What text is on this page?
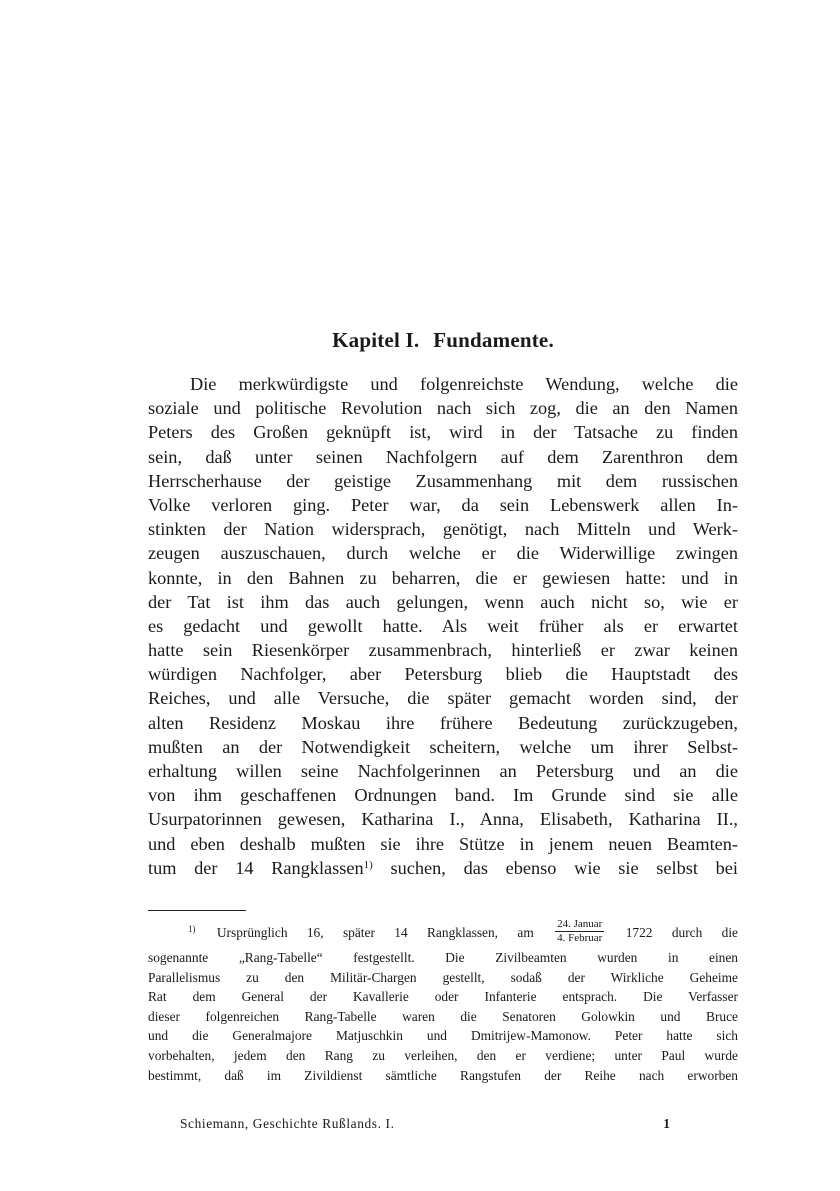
Kapitel I. Fundamente.
Die merkwürdigste und folgenreichste Wendung, welche die
soziale und politische Revolution nach sich zog, die an den Namen
Peters des Großen geknüpft ist, wird in der Tatsache zu finden
sein, daß unter seinen Nachfolgern auf dem Zarenthron dem
Herrscherhause der geistige Zusammenhang mit dem russischen
Volke verloren ging. Peter war, da sein Lebenswerk allen In-
stinkten der Nation widersprach, genötigt, nach Mitteln und Werk-
zeugen auszuschauen, durch welche er die Widerwillige zwingen
konnte, in den Bahnen zu beharren, die er gewiesen hatte: und in
der Tat ist ihm das auch gelungen, wenn auch nicht so, wie er
es gedacht und gewollt hatte. Als weit früher als er erwartet
hatte sein Riesenkörper zusammenbrach, hinterließ er zwar keinen
würdigen Nachfolger, aber Petersburg blieb die Hauptstadt des
Reiches, und alle Versuche, die später gemacht worden sind, der
alten Residenz Moskau ihre frühere Bedeutung zurückzugeben,
mußten an der Notwendigkeit scheitern, welche um ihrer Selbst-
erhaltung willen seine Nachfolgerinnen an Petersburg und an die
von ihm geschaffenen Ordnungen band. Im Grunde sind sie alle
Usurpatorinnen gewesen, Katharina I., Anna, Elisabeth, Katharina II.,
und eben deshalb mußten sie ihre Stütze in jenem neuen Beamten-
tum der 14 Rangklassen$^{1)}$ suchen, das ebenso wie sie selbst bei
$^{1)}$ Ursprünglich 16, später 14 Rangklassen, am $\frac{\text{24. Januar}}{\text{4. Februar}} 1722$ durch die
sogenannte „Rang-Tabelle“ festgestellt. Die Zivilbeamten wurden in einen
Parallelismus zu den Militär-Chargen gestellt, sodaß der Wirkliche Geheime
Rat dem General der Kavallerie oder Infanterie entsprach. Die Verfasser
dieser folgenreichen Rang-Tabelle waren die Senatoren Golowkin und Bruce
und die Generalmajore Matjuschkin und Dmitrijew-Mamonow. Peter hatte sich
vorbehalten, jedem den Rang zu verleihen, den er verdiene; unter Paul wurde
bestimmt, daß im Zivildienst sämtliche Rangstufen der Reihe nach erworben
Schiemann, Geschichte Rußlands. I.	1
